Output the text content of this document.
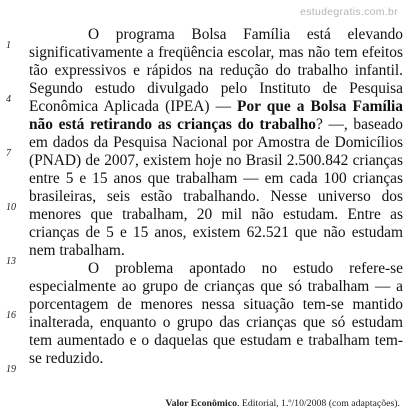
estudegratis.com.br
1
4
7
10
13
16
19
O programa Bolsa Família está elevando
significativamente a freqüência escolar, mas não tem efeitos
tão expressivos e rápidos na redução do trabalho infantil.
Segundo estudo divulgado pelo Instituto de Pesquisa
Econômica Aplicada (IPEA) — Por que a Bolsa Família
não está retirando as crianças do trabalho? —, baseado
em dados da Pesquisa Nacional por Amostra de Domicílios
(PNAD) de 2007, existem hoje no Brasil 2.500.842 crianças
entre 5 e 15 anos que trabalham — em cada 100 crianças
brasileiras, seis estão trabalhando. Nesse universo dos
menores que trabalham, 20 mil não estudam. Entre as
crianças de 5 e 15 anos, existem 62.521 que não estudam
nem trabalham.
O problema apontado no estudo refere-se
especialmente ao grupo de crianças que só trabalham — a
porcentagem de menores nessa situação tem-se mantido
inalterada, enquanto o grupo das crianças que só estudam
tem aumentado e o daquelas que estudam e trabalham tem-
se reduzido.
Valor Econômico. Editorial, 1.º/10/2008 (com adaptações).
